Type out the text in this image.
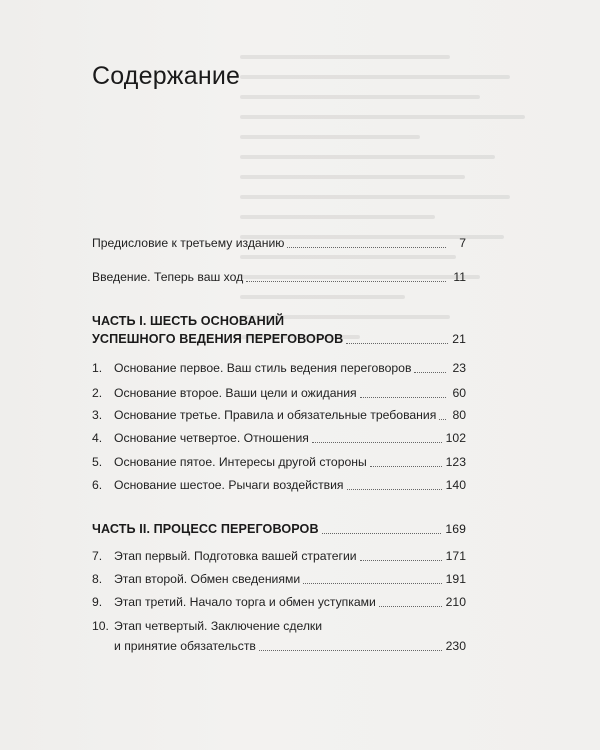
Содержание
Предисловие к третьему изданию	7
Введение. Теперь ваш ход	11
ЧАСТЬ I. ШЕСТЬ ОСНОВАНИЙ
УСПЕШНОГО ВЕДЕНИЯ ПЕРЕГОВОРОВ	21
1. Основание первое. Ваш стиль ведения переговоров	23
2. Основание второе. Ваши цели и ожидания	60
3. Основание третье. Правила и обязательные требования 80
4. Основание четвертое. Отношения	102
5. Основание пятое. Интересы другой стороны	123
6. Основание шестое. Рычаги воздействия	140
ЧАСТЬ II. ПРОЦЕСС ПЕРЕГОВОРОВ	169
7. Этап первый. Подготовка вашей стратегии	171
8. Этап второй. Обмен сведениями	191
9. Этап третий. Начало торга и обмен уступками	210
10. Этап четвертый. Заключение сделки
и принятие обязательств	230
